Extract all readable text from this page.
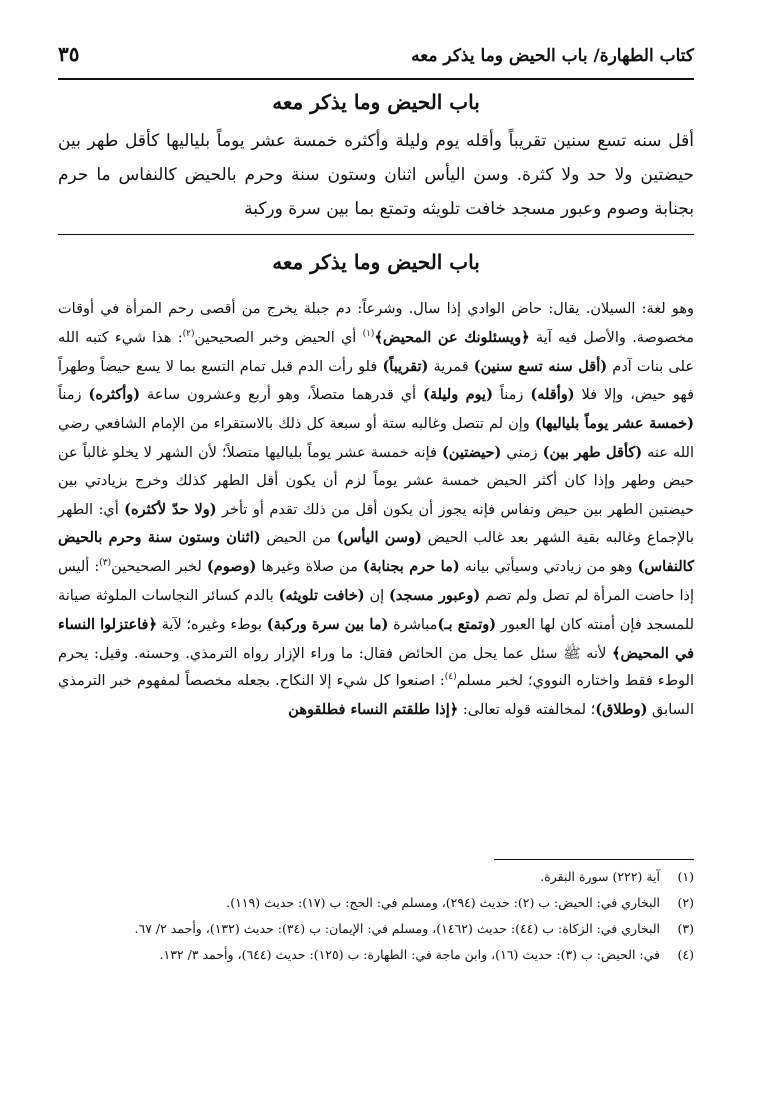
كتاب الطهارة/ باب الحيض وما يذكر معه
٣٥
باب الحيض وما يذكر معه
أقل سنه تسع سنين تقريباً وأقله يوم وليلة وأكثره خمسة عشر يوماً بلياليها كأقل طهر بين حيضتين ولا حد ولا كثرة. وسن اليأس اثنان وستون سنة وحرم بالحيض كالنفاس ما حرم بجنابة وصوم وعبور مسجد خافت تلويثه وتمتع بما بين سرة وركبة
باب الحيض وما يذكر معه
وهو لغة: السيلان. يقال: حاض الوادي إذا سال. وشرعاً: دم جبلة يخرج من أقصى رحم المرأة في أوقات مخصوصة. والأصل فيه آية ﴿ويسئلونك عن المحيض﴾$^{(١)}$ أي الحيض وخبر الصحيحين$^{(٢)}$: هذا شيء كتبه الله على بنات آدم (أقل سنه تسع سنين) قمرية (تقريباً) فلو رأت الدم قبل تمام التسع بما لا يسع حيضاً وطهراً فهو حيض، وإلا فلا (وأقله) زمناً (يوم وليلة) أي قدرهما متصلاً، وهو أربع وعشرون ساعة (وأكثره) زمناً (خمسة عشر يوماً بلياليها) وإن لم تتصل وغالبه ستة أو سبعة كل ذلك بالاستقراء من الإمام الشافعي رضي الله عنه (كأقل طهر بين) زمني (حيضتين) فإنه خمسة عشر يوماً بلياليها متصلاً؛ لأن الشهر لا يخلو غالباً عن حيض وطهر وإذا كان أكثر الحيض خمسة عشر يوماً لزم أن يكون أقل الطهر كذلك وخرج بزيادتي بين حيضتين الطهر بين حيض ونفاس فإنه يجوز أن يكون أقل من ذلك تقدم أو تأخر (ولا حدّ لأكثره) أي: الطهر بالإجماع وغالبه بقية الشهر بعد غالب الحيض (وسن اليأس) من الحيض (اثنان وستون سنة وحرم بالحيض كالنفاس) وهو من زيادتي وسيأتي بيانه (ما حرم بجنابة) من صلاة وغيرها (وصوم) لخبر الصحيحين$^{(٣)}$: أليس إذا حاضت المرأة لم تصل ولم تصم (وعبور مسجد) إن (خافت تلويثه) بالدم كسائر النجاسات الملوثة صيانة للمسجد فإن أمنته كان لها العبور (وتمتع بـ)مباشرة (ما بين سرة وركبة) بوطء وغيره؛ لآية ﴿فاعتزلوا النساء في المحيض﴾ لأنه ﷺ سئل عما يحل من الحائض فقال: ما وراء الإزار رواه الترمذي. وحسنه. وقيل: يحرم الوطء فقط واختاره النووي؛ لخبر مسلم$^{(٤)}$: اصنعوا كل شيء إلا النكاح. بجعله مخصصاً لمفهوم خبر الترمذي السابق (وطلاق)؛ لمخالفته قوله تعالى: ﴿إذا طلقتم النساء فطلقوهن
(١)
آية (٢٢٢) سورة البقرة.
(٢)
البخاري في: الحيض: ب (٢): حديث (٢٩٤)، ومسلم في: الحج: ب (١٧): حديث (١١٩).
(٣)
البخاري في: الزكاة: ب (٤٤): حديث (١٤٦٢)، ومسلم في: الإيمان: ب (٣٤): حديث (١٣٢)، وأحمد ٢/ ٦٧.
(٤)
في: الحيض: ب (٣): حديث (١٦)، وابن ماجة في: الطهارة: ب (١٢٥): حديث (٦٤٤)، وأحمد ٣/ ١٣٢.
